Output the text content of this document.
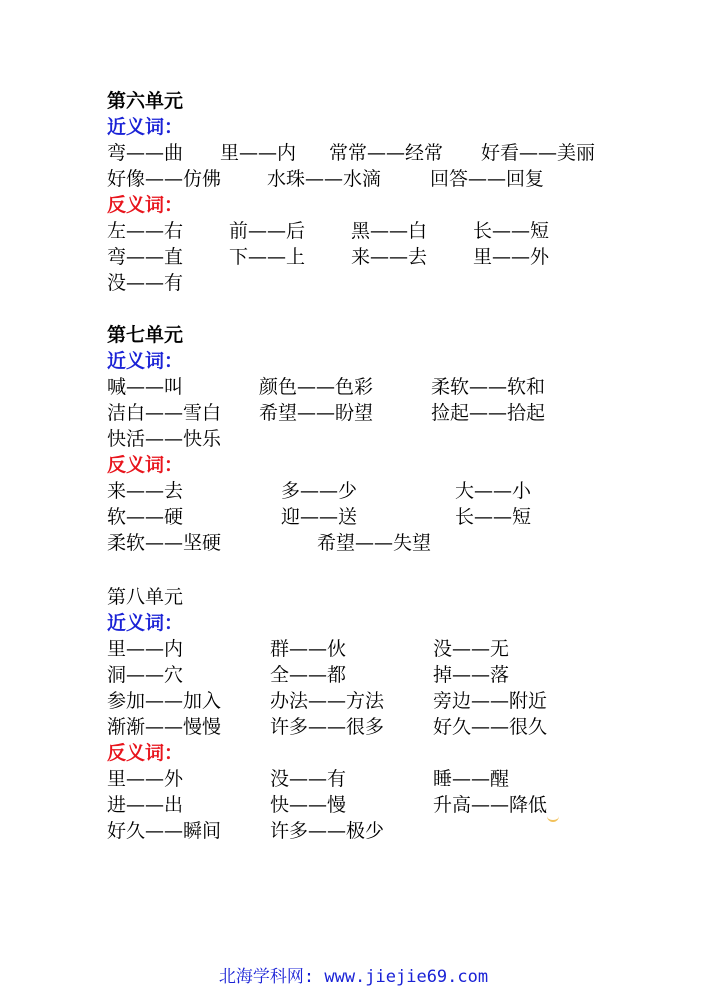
第六单元
近义词：
弯——曲 里——内 常常——经常 好看——美丽
好像——仿佛 水珠——水滴	回答——回复
反义词：
左——右 前——后 黑——白 长——短
弯——直 下——上 来——去 里——外
没——有
第七单元
近义词：
喊——叫	颜色——色彩	柔软——软和
洁白——雪白 希望——盼望	捡起——拾起
快活——快乐
反义词：
来——去	多——少	大——小
软——硬	迎——送	长——短
柔软——坚硬	希望——失望
第八单元
近义词：
里——内	群——伙	没——无
洞——穴	全——都	掉——落
参加——加入	办法——方法	旁边——附近
渐渐——慢慢	许多——很多	好久——很久
反义词：
里——外	没——有	睡——醒
进——出	快——慢	升高——降低
好久——瞬间	许多——极少
北海学科网: www.jiejie69.com
